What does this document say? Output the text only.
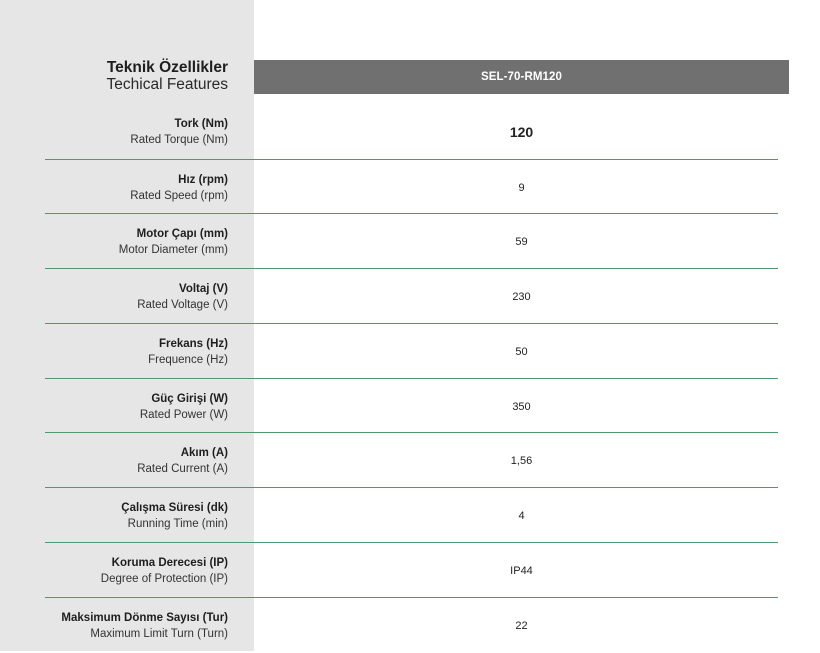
Teknik Özellikler
Techical Features	SEL-70-RM120
Tork (Nm)
Rated Torque (Nm)	120
Hız (rpm)
Rated Speed (rpm)
9
Motor Çapı (mm)
Motor Diameter (mm)
59
Voltaj (V)
Rated Voltage (V)
230
Frekans (Hz)
Frequence (Hz)
50
Güç Girişi (W)
Rated Power (W)
350
Akım (A)
Rated Current (A)
1,56
Çalışma Süresi (dk)
Running Time (min)
4
Koruma Derecesi (IP)
Degree of Protection (IP)
IP44
Maksimum Dönme Sayısı (Tur)
Maximum Limit Turn (Turn)
22
